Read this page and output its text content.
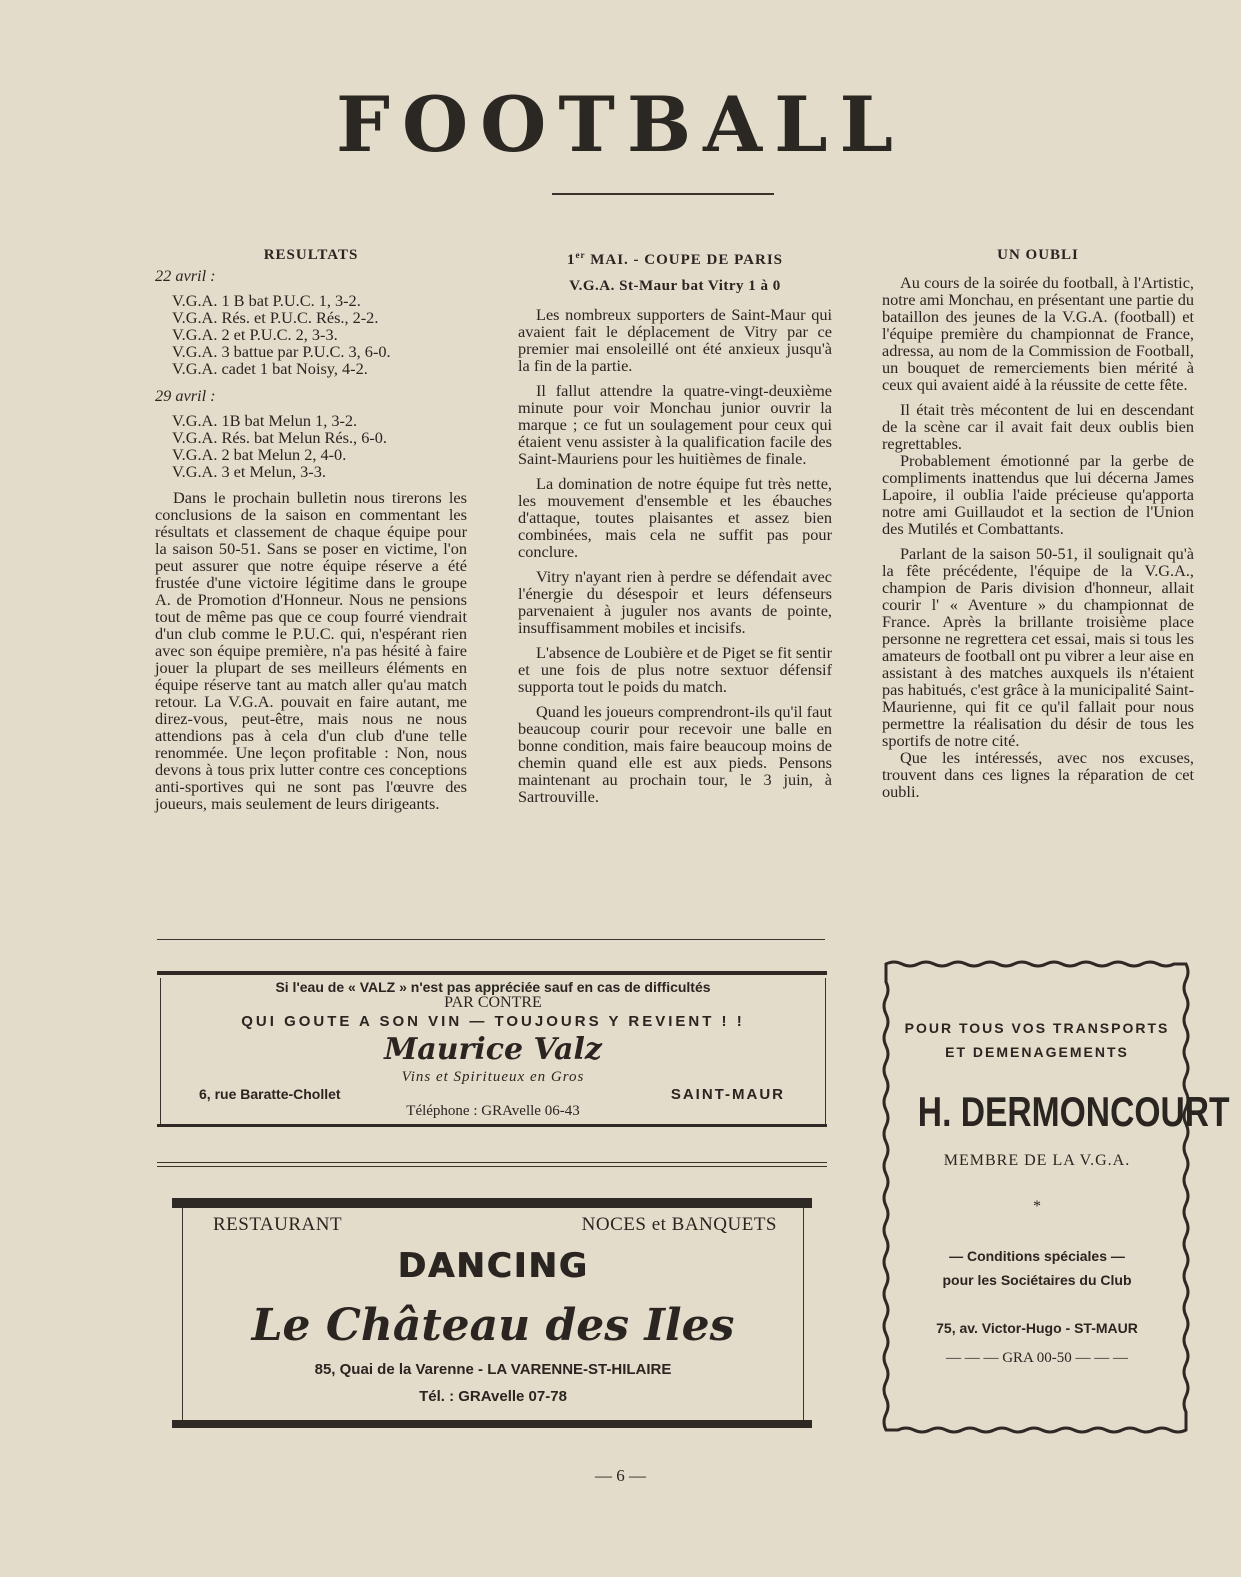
FOOTBALL
RESULTATS

22 avril :

V.G.A. 1 B bat P.U.C. 1, 3-2.
V.G.A. Rés. et P.U.C. Rés., 2-2.
V.G.A. 2 et P.U.C. 2, 3-3.
V.G.A. 3 battue par P.U.C. 3, 6-0.
V.G.A. cadet 1 bat Noisy, 4-2.

29 avril :

V.G.A. 1B bat Melun 1, 3-2.
V.G.A. Rés. bat Melun Rés., 6-0.
V.G.A. 2 bat Melun 2, 4-0.
V.G.A. 3 et Melun, 3-3.

Dans le prochain bulletin nous tirerons les conclusions de la saison en commentant les résultats et classement de chaque équipe pour la saison 50-51. Sans se poser en victime, l'on peut assurer que notre équipe réserve a été frustée d'une victoire légitime dans le groupe A. de Promotion d'Honneur. Nous ne pensions tout de même pas que ce coup fourré viendrait d'un club comme le P.U.C. qui, n'espérant rien avec son équipe première, n'a pas hésité à faire jouer la plupart de ses meilleurs éléments en équipe réserve tant au match aller qu'au match retour. La V.G.A. pouvait en faire autant, me direz-vous, peut-être, mais nous ne nous attendions pas à cela d'un club d'une telle renommée. Une leçon profitable : Non, nous devons à tous prix lutter contre ces conceptions anti-sportives qui ne sont pas l'œuvre des joueurs, mais seulement de leurs dirigeants.

1er MAI. - COUPE DE PARIS
V.G.A. St-Maur bat Vitry 1 à 0

Les nombreux supporters de Saint-Maur qui avaient fait le déplacement de Vitry par ce premier mai ensoleillé ont été anxieux jusqu'à la fin de la partie.

Il fallut attendre la quatre-vingt-deuxième minute pour voir Monchau junior ouvrir la marque ; ce fut un soulagement pour ceux qui étaient venu assister à la qualification facile des Saint-Mauriens pour les huitièmes de finale.

La domination de notre équipe fut très nette, les mouvement d'ensemble et les ébauches d'attaque, toutes plaisantes et assez bien combinées, mais cela ne suffit pas pour conclure.

Vitry n'ayant rien à perdre se défendait avec l'énergie du désespoir et leurs défenseurs parvenaient à juguler nos avants de pointe, insuffisamment mobiles et incisifs.

L'absence de Loubière et de Piget se fit sentir et une fois de plus notre sextuor défensif supporta tout le poids du match.

Quand les joueurs comprendront-ils qu'il faut beaucoup courir pour recevoir une balle en bonne condition, mais faire beaucoup moins de chemin quand elle est aux pieds. Pensons maintenant au prochain tour, le 3 juin, à Sartrouville.

UN OUBLI

Au cours de la soirée du football, à l'Artistic, notre ami Monchau, en présentant une partie du bataillon des jeunes de la V.G.A. (football) et l'équipe première du championnat de France, adressa, au nom de la Commission de Football, un bouquet de remerciements bien mérité à ceux qui avaient aidé à la réussite de cette fête.

Il était très mécontent de lui en descendant de la scène car il avait fait deux oublis bien regrettables.

Probablement émotionné par la gerbe de compliments inattendus que lui décerna James Lapoire, il oublia l'aide précieuse qu'apporta notre ami Guillaudot et la section de l'Union des Mutilés et Combattants.

Parlant de la saison 50-51, il soulignait qu'à la fête précédente, l'équipe de la V.G.A., champion de Paris division d'honneur, allait courir l' « Aventure » du championnat de France. Après la brillante troisième place personne ne regrettera cet essai, mais si tous les amateurs de football ont pu vibrer a leur aise en assistant à des matches auxquels ils n'étaient pas habitués, c'est grâce à la municipalité Saint-Maurienne, qui fit ce qu'il fallait pour nous permettre la réalisation du désir de tous les sportifs de notre cité.

Que les intéressés, avec nos excuses, trouvent dans ces lignes la réparation de cet oubli.

Si l'eau de « VALZ » n'est pas appréciée sauf en cas de difficultés
PAR CONTRE
QUI GOUTE A SON VIN — TOUJOURS Y REVIENT ! !
Maurice Valz
Vins et Spiritueux en Gros
6, rue Baratte-Chollet	SAINT-MAUR
Téléphone : GRAvelle 06-43
RESTAURANT	NOCES et BANQUETS
DANCING
Le Château des Iles
85, Quai de la Varenne - LA VARENNE-ST-HILAIRE
Tél. : GRAvelle 07-78
POUR TOUS VOS TRANSPORTS
ET DEMENAGEMENTS
H. DERMONCOURT
MEMBRE DE LA V.G.A.
*
— Conditions spéciales —
pour les Sociétaires du Club
75, av. Victor-Hugo - ST-MAUR
— — — GRA 00-50 — — —
— 6 —
